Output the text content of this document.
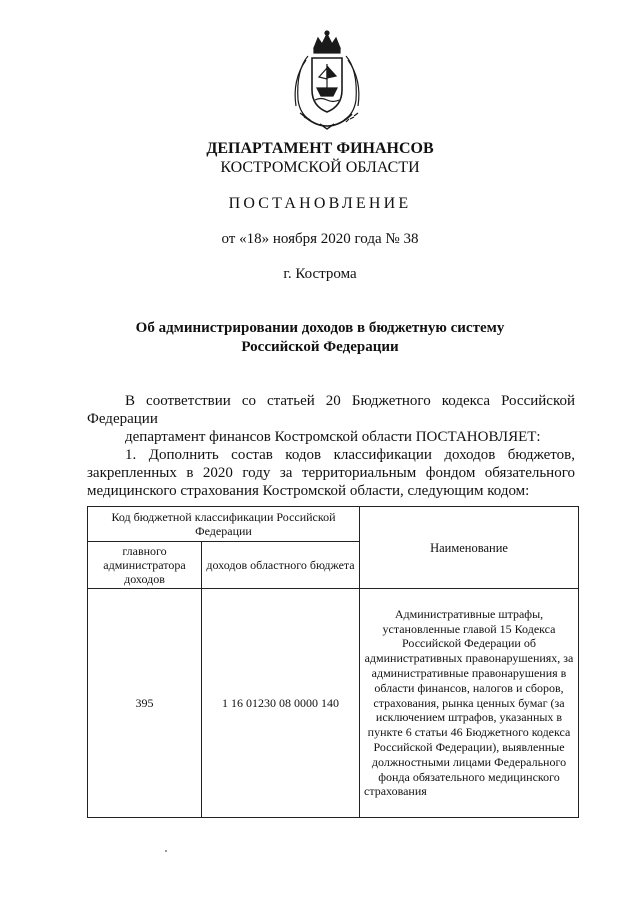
ДЕПАРТАМЕНТ ФИНАНСОВ
КОСТРОМСКОЙ ОБЛАСТИ
ПОСТАНОВЛЕНИЕ
от «18» ноября 2020 года № 38
г. Кострома
Об администрировании доходов в бюджетную систему
Российской Федерации
В соответствии со статьей 20 Бюджетного кодекса Российской Федерации
департамент финансов Костромской области ПОСТАНОВЛЯЕТ:
1. Дополнить состав кодов классификации доходов бюджетов, закрепленных в 2020 году за территориальным фондом обязательного медицинского страхования Костромской области, следующим кодом:
Код бюджетной классификации Российской Федерации		Наименование
главного администратора доходов	доходов областного бюджета	
395	1 16 01230 08 0000 140	Административные штрафы, установленные главой 15 Кодекса Российской Федерации об административных правонарушениях, за административные правонарушения в области финансов, налогов и сборов, страхования, рынка ценных бумаг (за исключением штрафов, указанных в пункте 6 статьи 46 Бюджетного кодекса Российской Федерации), выявленные должностными лицами Федерального фонда обязательного медицинского страхования
